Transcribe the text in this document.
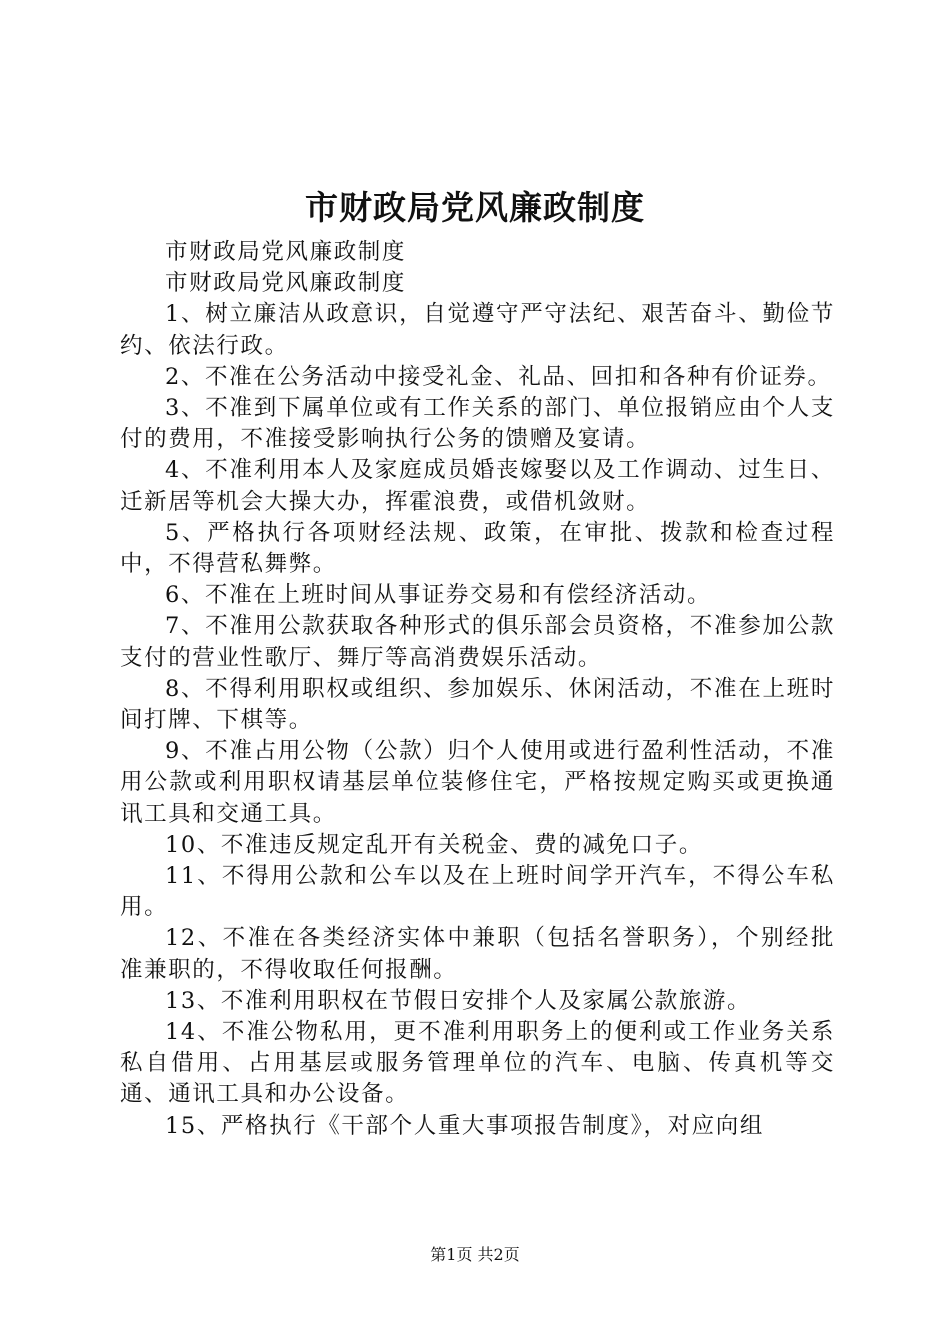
市财政局党风廉政制度

市财政局党风廉政制度

市财政局党风廉政制度

1、树立廉洁从政意识，自觉遵守严守法纪、艰苦奋斗、勤俭节约、依法行政。

2、不准在公务活动中接受礼金、礼品、回扣和各种有价证券。

3、不准到下属单位或有工作关系的部门、单位报销应由个人支付的费用，不准接受影响执行公务的馈赠及宴请。

4、不准利用本人及家庭成员婚丧嫁娶以及工作调动、过生日、迁新居等机会大操大办，挥霍浪费，或借机敛财。

5、严格执行各项财经法规、政策，在审批、拨款和检查过程中，不得营私舞弊。

6、不准在上班时间从事证券交易和有偿经济活动。

7、不准用公款获取各种形式的俱乐部会员资格，不准参加公款支付的营业性歌厅、舞厅等高消费娱乐活动。

8、不得利用职权或组织、参加娱乐、休闲活动，不准在上班时间打牌、下棋等。

9、不准占用公物（公款）归个人使用或进行盈利性活动，不准用公款或利用职权请基层单位装修住宅，严格按规定购买或更换通讯工具和交通工具。

10、不准违反规定乱开有关税金、费的减免口子。

11、不得用公款和公车以及在上班时间学开汽车，不得公车私用。

12、不准在各类经济实体中兼职（包括名誉职务），个别经批准兼职的，不得收取任何报酬。

13、不准利用职权在节假日安排个人及家属公款旅游。

14、不准公物私用，更不准利用职务上的便利或工作业务关系私自借用、占用基层或服务管理单位的汽车、电脑、传真机等交通、通讯工具和办公设备。

15、严格执行《干部个人重大事项报告制度》，对应向组

第1页 共2页
